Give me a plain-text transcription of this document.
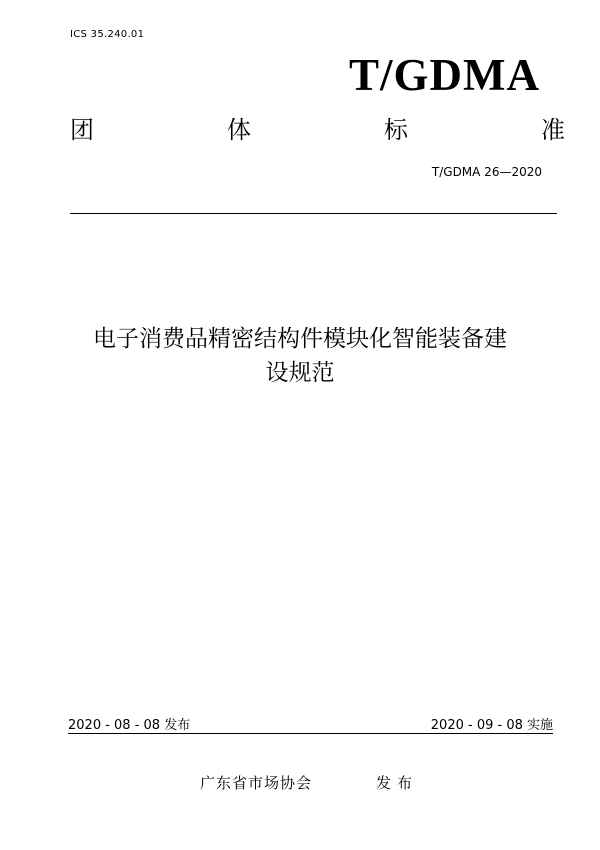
ICS 35.240.01
T/GDMA
团	体	标	准
T/GDMA 26—2020
电子消费品精密结构件模块化智能装备建
设规范
2020 - 08 - 08 发布	2020 - 09 - 08 实施
广东省市场协会	发布
